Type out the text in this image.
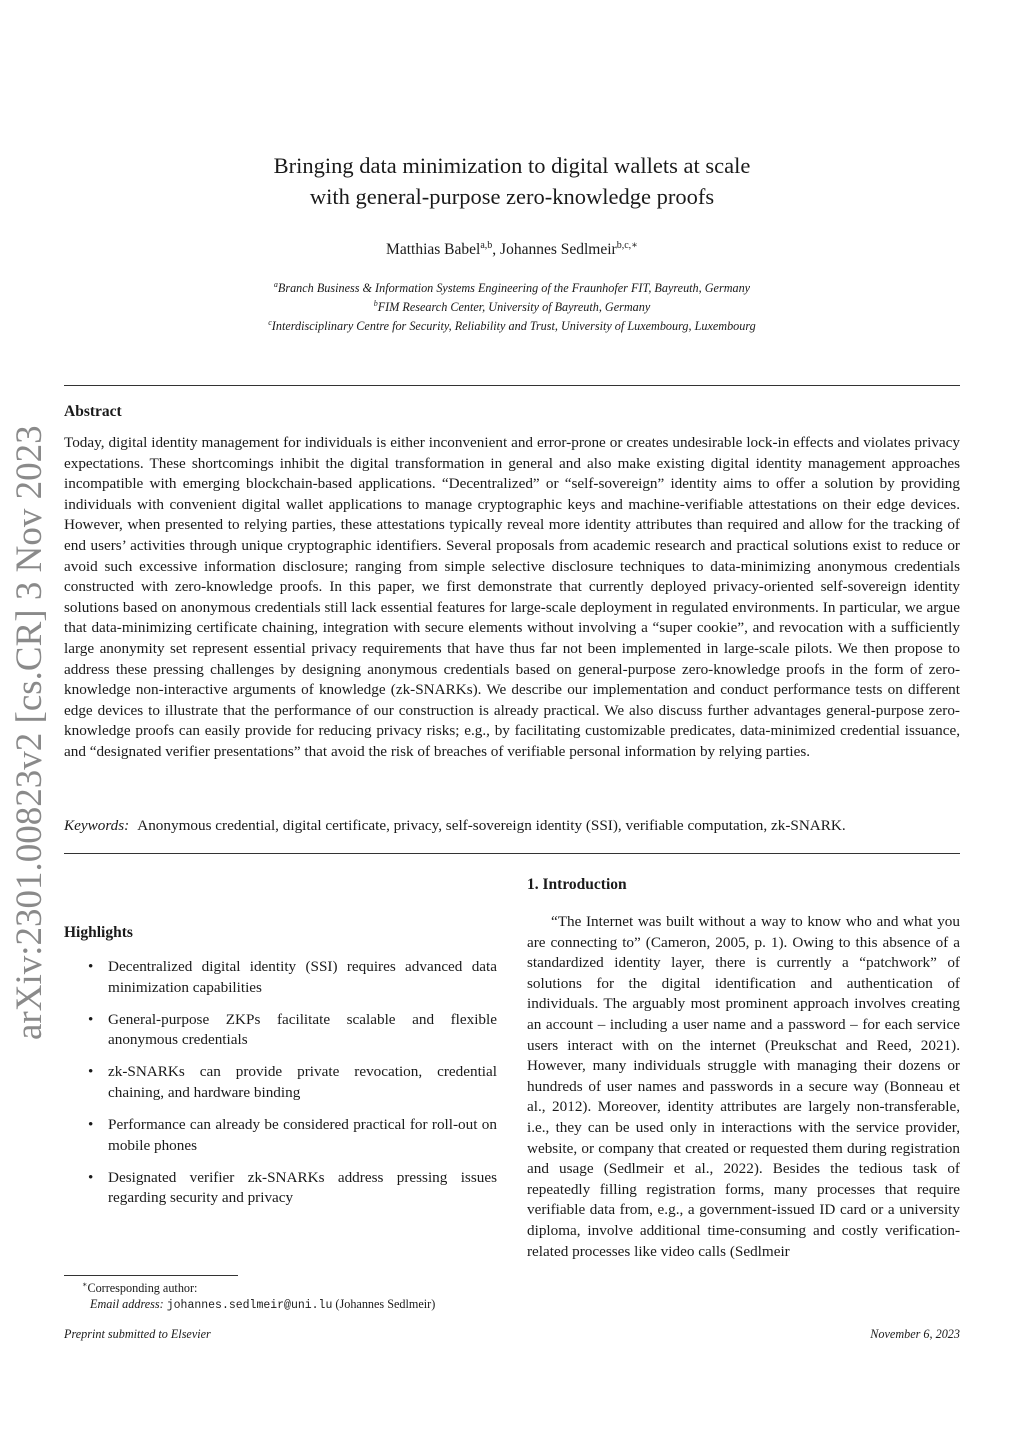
arXiv:2301.00823v2 [cs.CR] 3 Nov 2023
Bringing data minimization to digital wallets at scale
with general-purpose zero-knowledge proofs
Matthias Babel$^{a,b}$, Johannes Sedlmeir$^{b,c,∗}$
$^a$Branch Business & Information Systems Engineering of the Fraunhofer FIT, Bayreuth, Germany
$^b$FIM Research Center, University of Bayreuth, Germany
$^c$Interdisciplinary Centre for Security, Reliability and Trust, University of Luxembourg, Luxembourg
Abstract
Today, digital identity management for individuals is either inconvenient and error-prone or creates undesirable lock-in effects and violates privacy expectations. These shortcomings inhibit the digital transformation in general and also make existing digital identity management approaches incompatible with emerging blockchain-based applications. “Decentralized” or “self-sovereign” identity aims to offer a solution by providing individuals with convenient digital wallet applications to manage cryptographic keys and machine-verifiable attestations on their edge devices. However, when presented to relying parties, these attestations typically reveal more identity attributes than required and allow for the tracking of end users’ activities through unique cryptographic identifiers. Several proposals from academic research and practical solutions exist to reduce or avoid such excessive information disclosure; ranging from simple selective disclosure techniques to data-minimizing anonymous credentials constructed with zero-knowledge proofs. In this paper, we first demonstrate that currently deployed privacy-oriented self-sovereign identity solutions based on anonymous credentials still lack essential features for large-scale deployment in regulated environments. In particular, we argue that data-minimizing certificate chaining, integration with secure elements without involving a “super cookie”, and revocation with a sufficiently large anonymity set represent essential privacy requirements that have thus far not been implemented in large-scale pilots. We then propose to address these pressing challenges by designing anonymous credentials based on general-purpose zero-knowledge proofs in the form of zero-knowledge non-interactive arguments of knowledge (zk-SNARKs). We describe our implementation and conduct performance tests on different edge devices to illustrate that the performance of our construction is already practical. We also discuss further advantages general-purpose zero-knowledge proofs can easily provide for reducing privacy risks; e.g., by facilitating customizable predicates, data-minimized credential issuance, and “designated verifier presentations” that avoid the risk of breaches of verifiable personal information by relying parties.
Keywords: Anonymous credential, digital certificate, privacy, self-sovereign identity (SSI), verifiable computation, zk-SNARK.
Highlights
• Decentralized digital identity (SSI) requires advanced data minimization capabilities
• General-purpose ZKPs facilitate scalable and flexible anonymous credentials
• zk-SNARKs can provide private revocation, credential chaining, and hardware binding
• Performance can already be considered practical for roll-out on mobile phones
• Designated verifier zk-SNARKs address pressing issues regarding security and privacy
∗Corresponding author:
Email address: johannes.sedlmeir@uni.lu (Johannes Sedlmeir)
1. Introduction
“The Internet was built without a way to know who and what you are connecting to” (Cameron, 2005, p. 1). Owing to this absence of a standardized identity layer, there is currently a “patchwork” of solutions for the digital identification and authentication of individuals. The arguably most prominent approach involves creating an account – including a user name and a password – for each service users interact with on the internet (Preukschat and Reed, 2021). However, many individuals struggle with managing their dozens or hundreds of user names and passwords in a secure way (Bonneau et al., 2012). Moreover, identity attributes are largely non-transferable, i.e., they can be used only in interactions with the service provider, website, or company that created or requested them during registration and usage (Sedlmeir et al., 2022). Besides the tedious task of repeatedly filling registration forms, many processes that require verifiable data from, e.g., a government-issued ID card or a university diploma, involve additional time-consuming and costly verification-related processes like video calls (Sedlmeir
Preprint submitted to Elsevier	November 6, 2023
